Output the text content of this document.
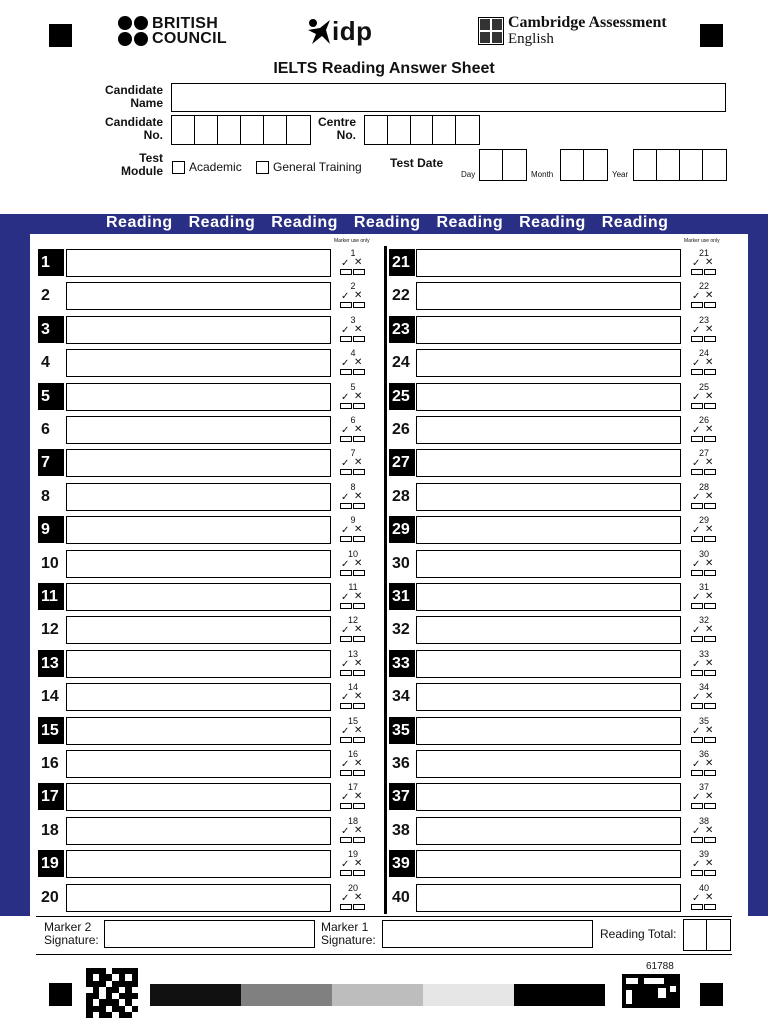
BRITISH
COUNCIL	idp	Cambridge Assessment
English
IELTS Reading Answer Sheet
Candidate
Name
Candidate
No.
Centre
No.
Test
Module Academic	General Training Test Date
Day	Month	Year
Reading Reading Reading Reading Reading Reading Reading
Marker use only	Marker use only
1
1
✓ ✕
2
2
✓ ✕
3
3
✓ ✕
4
4
✓ ✕
5
5
✓ ✕
6
6
✓ ✕
7
7
✓ ✕
8
8
✓ ✕
9
9
✓ ✕
10
10
✓ ✕
11
11
✓ ✕
12
12
✓ ✕
13
13
✓ ✕
14
14
✓ ✕
15
15
✓ ✕
16
16
✓ ✕
17
17
✓ ✕
18
18
✓ ✕
19
19
✓ ✕
20
20
✓ ✕
21
21
✓ ✕
22
22
✓ ✕
23
23
✓ ✕
24
24
✓ ✕
25
25
✓ ✕
26
26
✓ ✕
27
27
✓ ✕
28
28
✓ ✕
29
29
✓ ✕
30
30
✓ ✕
31
31
✓ ✕
32
32
✓ ✕
33
33
✓ ✕
34
34
✓ ✕
35
35
✓ ✕
36
36
✓ ✕
37
37
✓ ✕
38
38
✓ ✕
39
39
✓ ✕
40
40
✓ ✕
Marker 2
Signature:
Marker 1
Signature:	Reading Total:
61788
